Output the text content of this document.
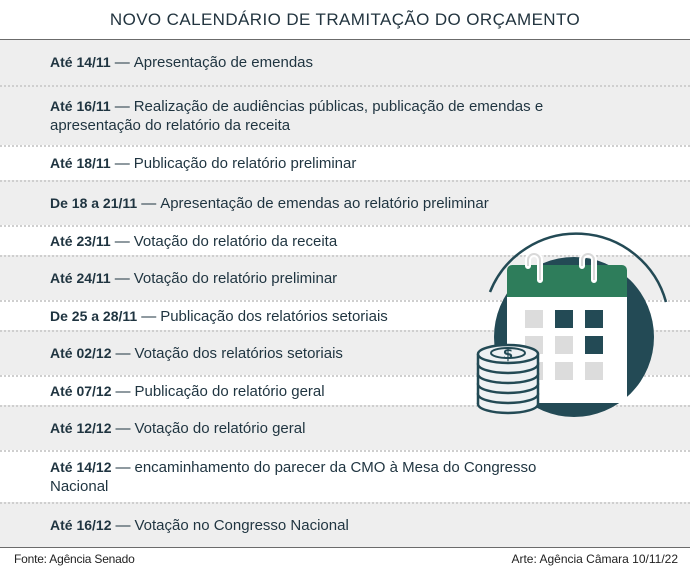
NOVO CALENDÁRIO DE TRAMITAÇÃO DO ORÇAMENTO
Até 14/11 — Apresentação de emendas
Até 16/11 — Realização de audiências públicas, publicação de emendas e apresentação do relatório da receita
Até 18/11 — Publicação do relatório preliminar
De 18 a 21/11 — Apresentação de emendas ao relatório preliminar
Até 23/11 — Votação do relatório da receita
Até 24/11 — Votação do relatório preliminar
De 25 a 28/11 — Publicação dos relatórios setoriais
Até 02/12 — Votação dos relatórios setoriais
Até 07/12 — Publicação do relatório geral
Até 12/12 — Votação do relatório geral
Até 14/12 — encaminhamento do parecer da CMO à Mesa do Congresso Nacional
Até 16/12 — Votação no Congresso Nacional
$
Fonte: Agência Senado	Arte: Agência Câmara 10/11/22
